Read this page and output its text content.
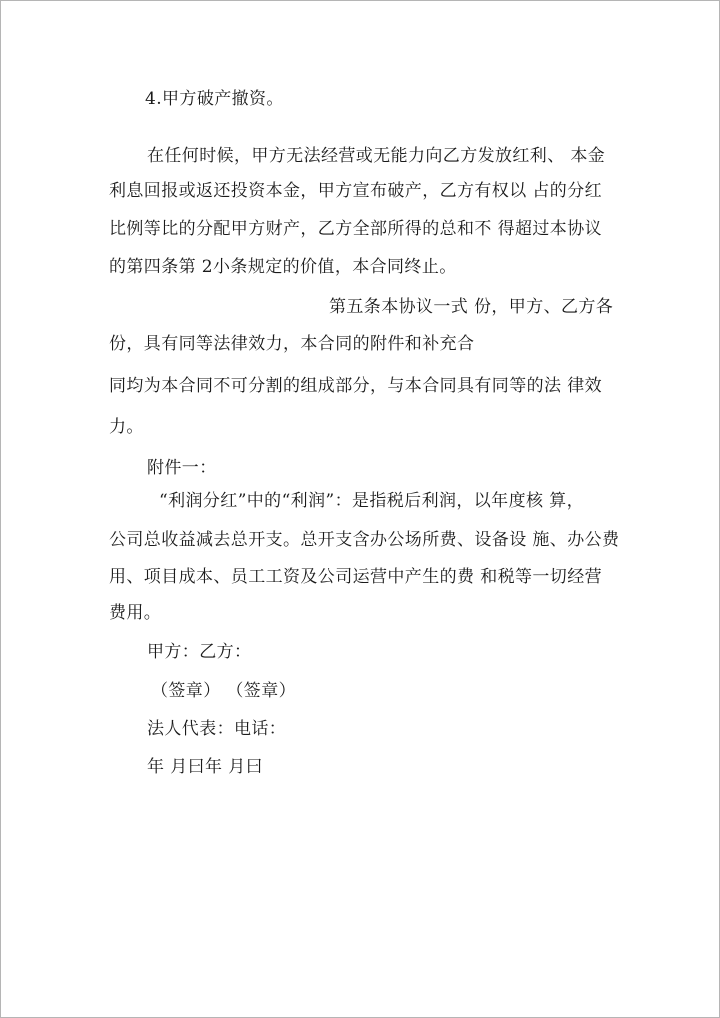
4.甲方破产撤资。
在任何时候，甲方无法经营或无能力向乙方发放红利、 本金
利息回报或返还投资本金，甲方宣布破产，乙方有权以 占的分红
比例等比的分配甲方财产，乙方全部所得的总和不 得超过本协议
的第四条第 2小条规定的价值，本合同终止。
第五条本协议一式 份，甲方、乙方各
份，具有同等法律效力，本合同的附件和补充合
同均为本合同不可分割的组成部分，与本合同具有同等的法 律效
力。
附件一：
“利润分红”中的“利润”：是指税后利润，以年度核 算，
公司总收益减去总开支。总开支含办公场所费、设备设 施、办公费
用、项目成本、员工工资及公司运营中产生的费 和税等一切经营
费用。
甲方：乙方：
（签章） （签章）
法人代表：电话：
年 月曰年 月曰
